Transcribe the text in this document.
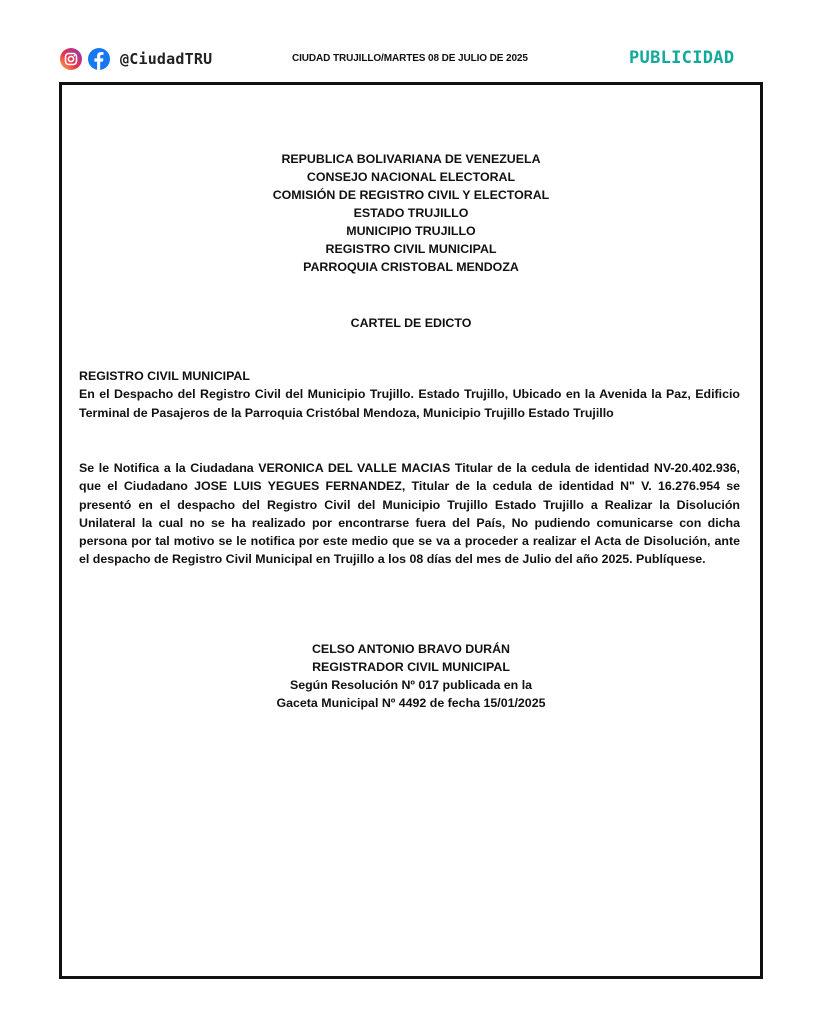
@CiudadTRU	CIUDAD TRUJILLO/MARTES 08 DE JULIO DE 2025	PUBLICIDAD
REPUBLICA BOLIVARIANA DE VENEZUELA
CONSEJO NACIONAL ELECTORAL
COMISIÓN DE REGISTRO CIVIL Y ELECTORAL
ESTADO TRUJILLO
MUNICIPIO TRUJILLO
REGISTRO CIVIL MUNICIPAL
PARROQUIA CRISTOBAL MENDOZA
CARTEL DE EDICTO
REGISTRO CIVIL MUNICIPAL
En el Despacho del Registro Civil del Municipio Trujillo. Estado Trujillo, Ubicado en la Avenida la Paz, Edificio Terminal de Pasajeros de la Parroquia Cristóbal Mendoza, Municipio Trujillo Estado Trujillo
Se le Notifica a la Ciudadana VERONICA DEL VALLE MACIAS Titular de la cedula de identidad NV-20.402.936, que el Ciudadano JOSE LUIS YEGUES FERNANDEZ, Titular de la cedula de identidad N" V. 16.276.954 se presentó en el despacho del Registro Civil del Municipio Trujillo Estado Trujillo a Realizar la Disolución Unilateral la cual no se ha realizado por encontrarse fuera del País, No pudiendo comunicarse con dicha persona por tal motivo se le notifica por este medio que se va a proceder a realizar el Acta de Disolución, ante el despacho de Registro Civil Municipal en Trujillo a los 08 días del mes de Julio del año 2025. Publíquese.
CELSO ANTONIO BRAVO DURÁN
REGISTRADOR CIVIL MUNICIPAL
Según Resolución Nº 017 publicada en la
Gaceta Municipal Nº 4492 de fecha 15/01/2025
